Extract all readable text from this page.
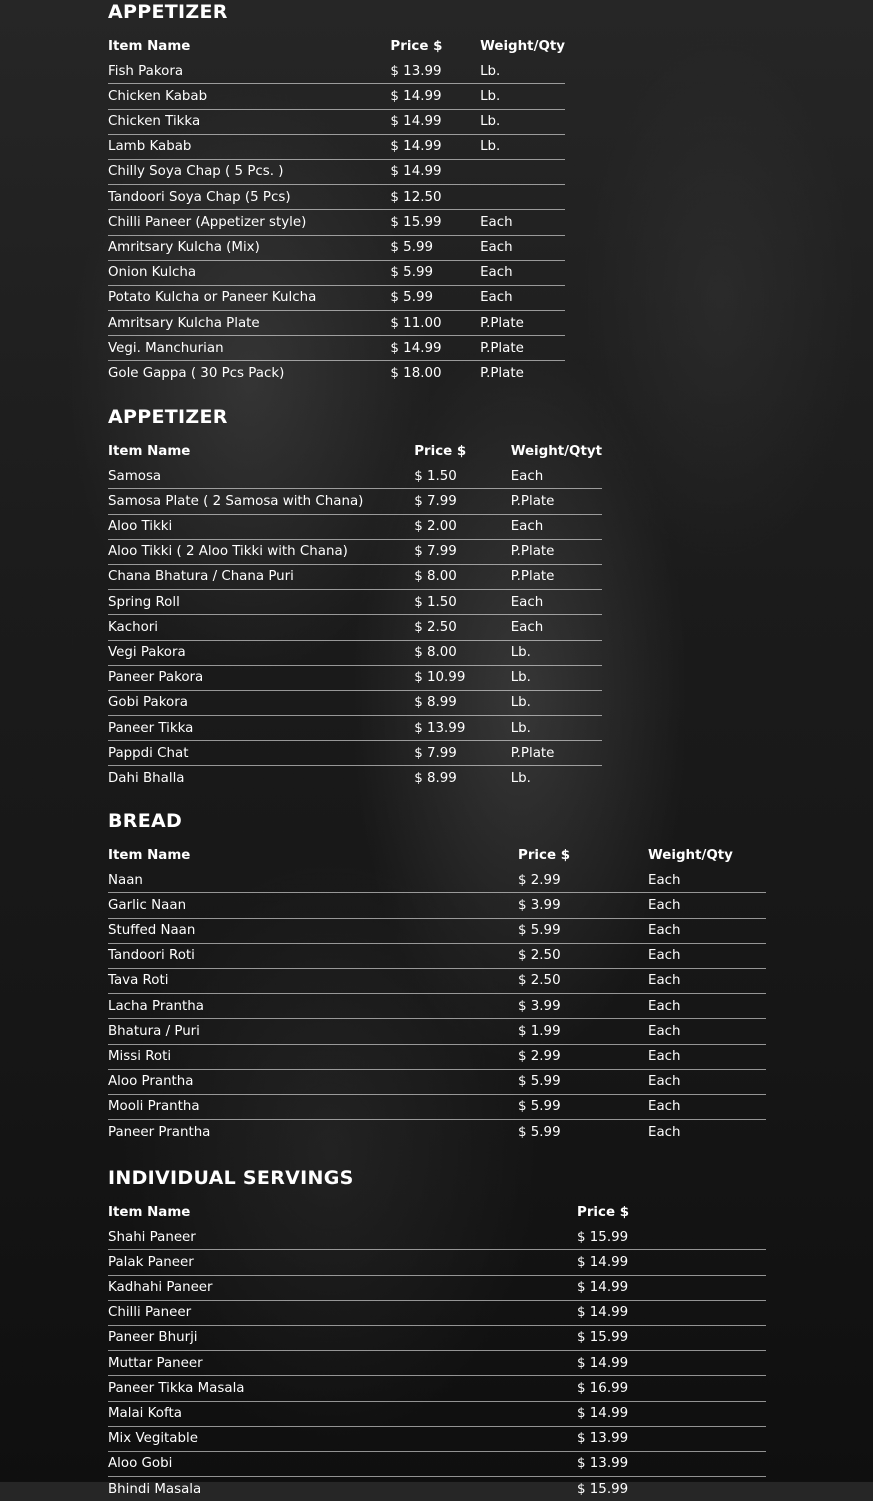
APPETIZER
Item Name	Price $	Weight/Qty
Fish Pakora	$ 13.99	Lb.
Chicken Kabab	$ 14.99	Lb.
Chicken Tikka	$ 14.99	Lb.
Lamb Kabab	$ 14.99	Lb.
Chilly Soya Chap ( 5 Pcs. )	$ 14.99	
Tandoori Soya Chap (5 Pcs)	$ 12.50	
Chilli Paneer (Appetizer style)	$ 15.99	Each
Amritsary Kulcha (Mix)	$ 5.99	Each
Onion Kulcha	$ 5.99	Each
Potato Kulcha or Paneer Kulcha	$ 5.99	Each
Amritsary Kulcha Plate	$ 11.00	P.Plate
Vegi. Manchurian	$ 14.99	P.Plate
Gole Gappa ( 30 Pcs Pack)	$ 18.00	P.Plate
APPETIZER
Item Name	Price $	Weight/Qtyt
Samosa	$ 1.50	Each
Samosa Plate ( 2 Samosa with Chana)	$ 7.99	P.Plate
Aloo Tikki	$ 2.00	Each
Aloo Tikki ( 2 Aloo Tikki with Chana)	$ 7.99	P.Plate
Chana Bhatura / Chana Puri	$ 8.00	P.Plate
Spring Roll	$ 1.50	Each
Kachori	$ 2.50	Each
Vegi Pakora	$ 8.00	Lb.
Paneer Pakora	$ 10.99	Lb.
Gobi Pakora	$ 8.99	Lb.
Paneer Tikka	$ 13.99	Lb.
Pappdi Chat	$ 7.99	P.Plate
Dahi Bhalla	$ 8.99	Lb.
BREAD
Item Name	Price $	Weight/Qty
Naan	$ 2.99	Each
Garlic Naan	$ 3.99	Each
Stuffed Naan	$ 5.99	Each
Tandoori Roti	$ 2.50	Each
Tava Roti	$ 2.50	Each
Lacha Prantha	$ 3.99	Each
Bhatura / Puri	$ 1.99	Each
Missi Roti	$ 2.99	Each
Aloo Prantha	$ 5.99	Each
Mooli Prantha	$ 5.99	Each
Paneer Prantha	$ 5.99	Each
INDIVIDUAL SERVINGS
Item Name	Price $
Shahi Paneer	$ 15.99
Palak Paneer	$ 14.99
Kadhahi Paneer	$ 14.99
Chilli Paneer	$ 14.99
Paneer Bhurji	$ 15.99
Muttar Paneer	$ 14.99
Paneer Tikka Masala	$ 16.99
Malai Kofta	$ 14.99
Mix Vegitable	$ 13.99
Aloo Gobi	$ 13.99
Bhindi Masala	$ 15.99
